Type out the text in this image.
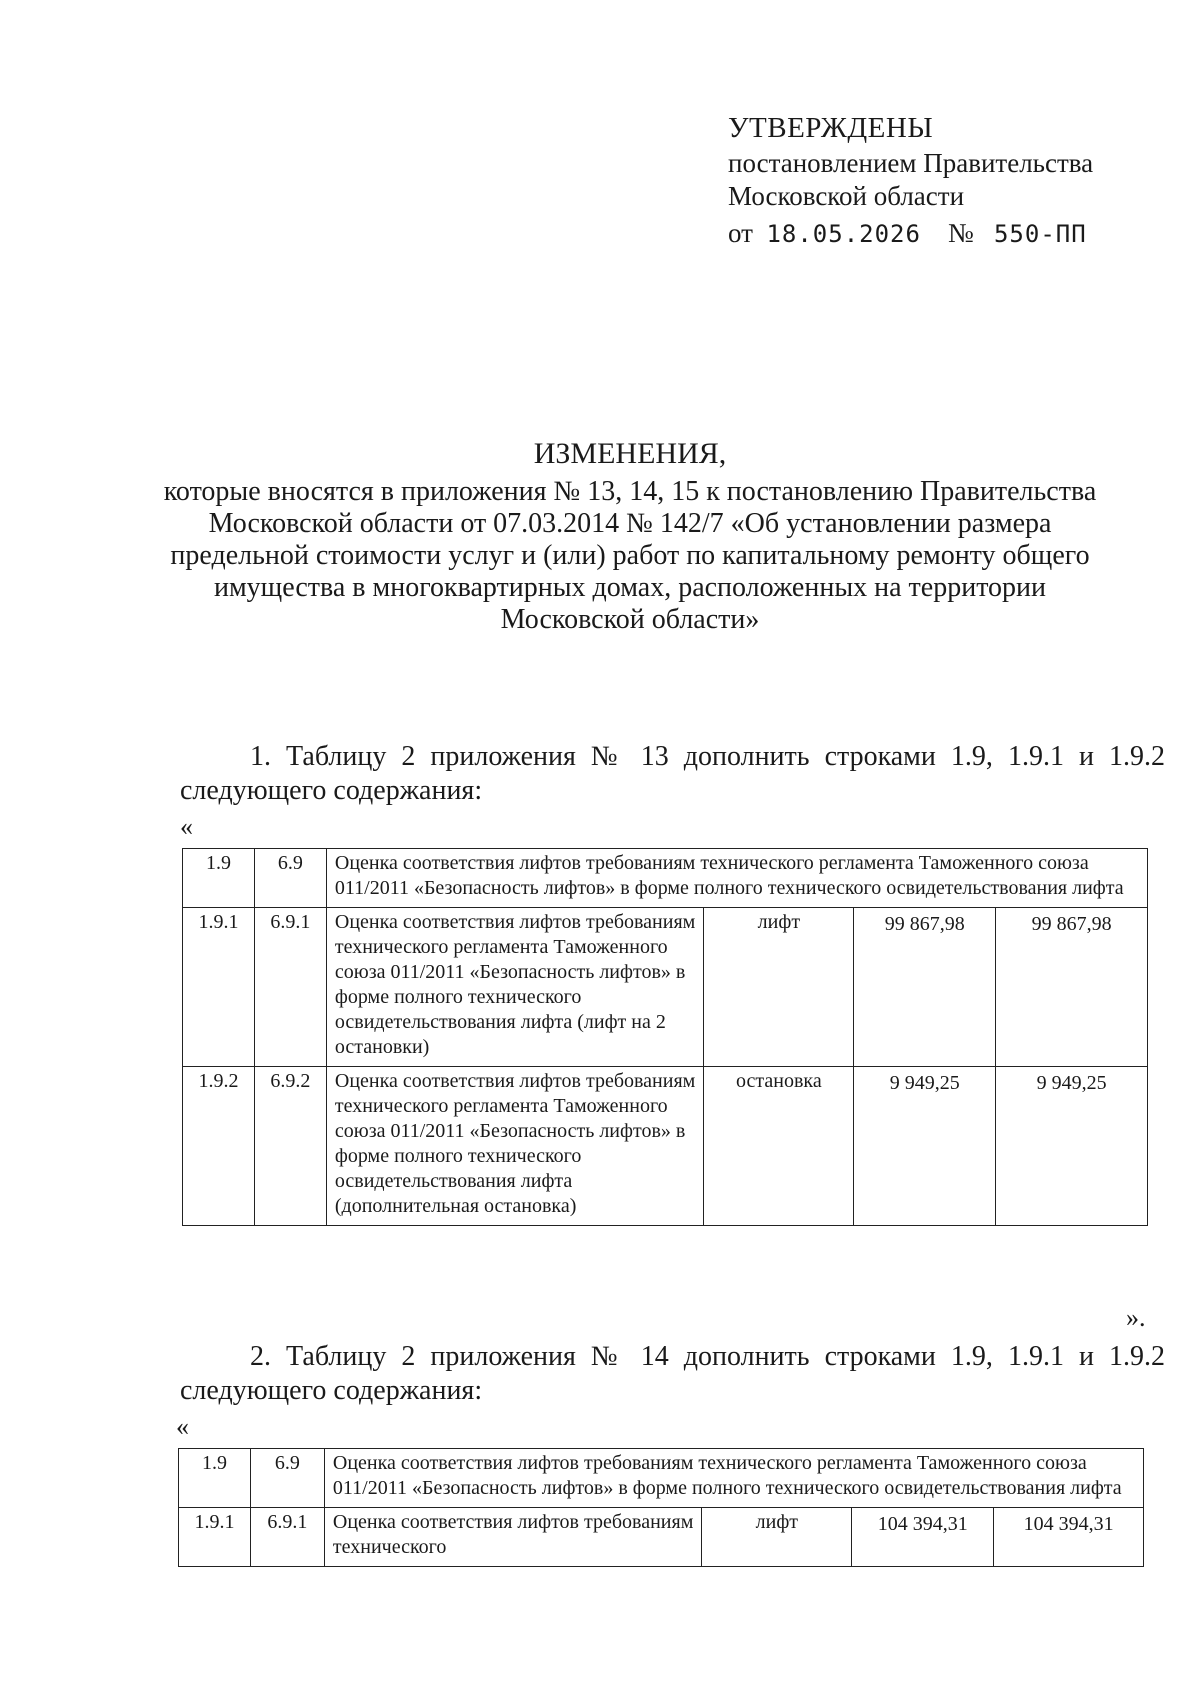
УТВЕРЖДЕНЫ
постановлением Правительства
Московской области
от 18.05.2026 № 550-ПП
ИЗМЕНЕНИЯ,
которые вносятся в приложения № 13, 14, 15 к постановлению Правительства
Московской области от 07.03.2014 № 142/7 «Об установлении размера
предельной стоимости услуг и (или) работ по капитальному ремонту общего
имущества в многоквартирных домах, расположенных на территории
Московской области»
1. Таблицу 2 приложения № 13 дополнить строками 1.9, 1.9.1 и 1.9.2 следующего содержания:
«
1.9	6.9	Оценка соответствия лифтов требованиям технического регламента Таможенного союза 011/2011 «Безопасность лифтов» в форме полного технического освидетельствования лифта			
1.9.1	6.9.1	Оценка соответствия лифтов требованиям технического регламента Таможенного союза 011/2011 «Безопасность лифтов» в форме полного технического освидетельствования лифта (лифт на 2 остановки)	лифт	99 867,98	99 867,98
1.9.2	6.9.2	Оценка соответствия лифтов требованиям технического регламента Таможенного союза 011/2011 «Безопасность лифтов» в форме полного технического освидетельствования лифта (дополнительная остановка)	остановка	9 949,25	9 949,25
».
2. Таблицу 2 приложения № 14 дополнить строками 1.9, 1.9.1 и 1.9.2 следующего содержания:
«
1.9	6.9	Оценка соответствия лифтов требованиям технического регламента Таможенного союза 011/2011 «Безопасность лифтов» в форме полного технического освидетельствования лифта			
1.9.1	6.9.1	Оценка соответствия лифтов требованиям технического	лифт	104 394,31	104 394,31
